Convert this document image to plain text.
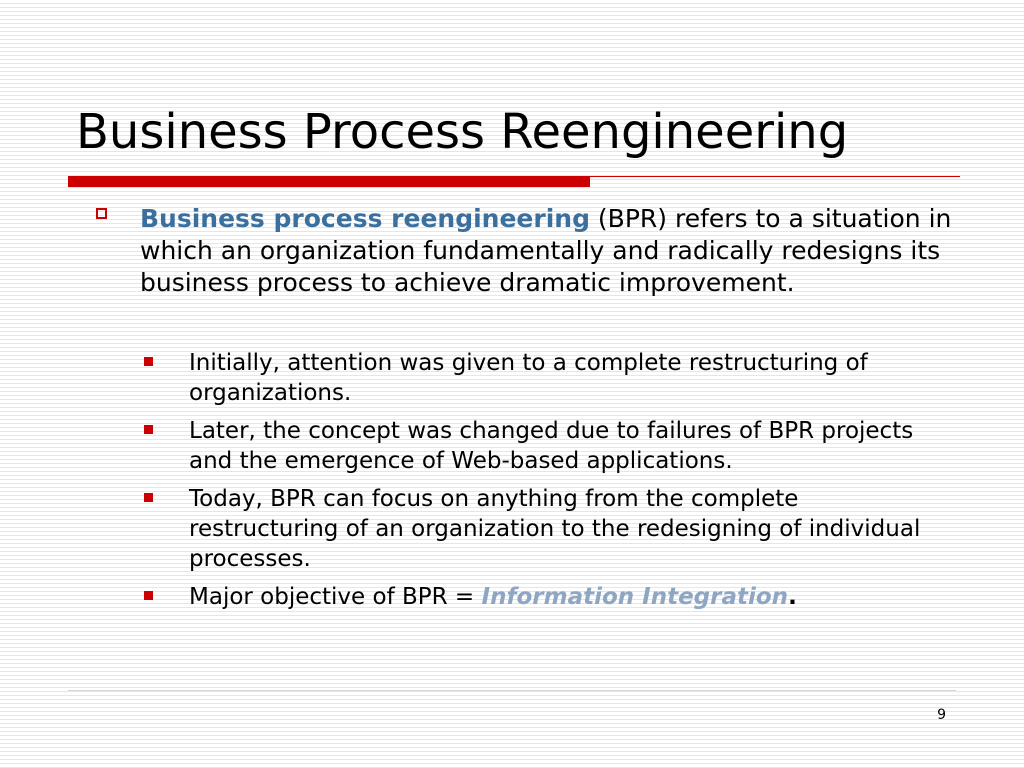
Business Process Reengineering

Business process reengineering (BPR) refers to a situation in which an organization fundamentally and radically redesigns its business process to achieve dramatic improvement.

Initially, attention was given to a complete restructuring of organizations.
Later, the concept was changed due to failures of BPR projects and the emergence of Web-based applications.
Today, BPR can focus on anything from the complete restructuring of an organization to the redesigning of individual processes.
Major objective of BPR = Information Integration.
9
